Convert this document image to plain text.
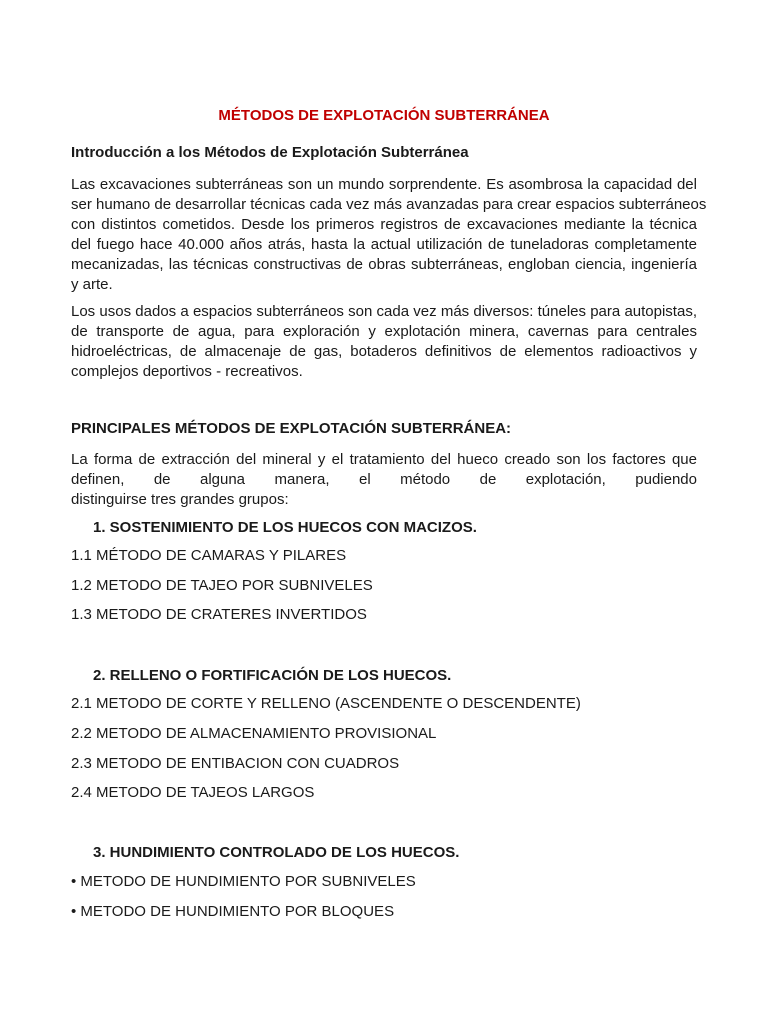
MÉTODOS DE EXPLOTACIÓN SUBTERRÁNEA

Introducción a los Métodos de Explotación Subterránea

Las excavaciones subterráneas son un mundo sorprendente. Es asombrosa la capacidad del
ser humano de desarrollar técnicas cada vez más avanzadas para crear espacios subterráneos
con distintos cometidos. Desde los primeros registros de excavaciones mediante la técnica
del fuego hace 40.000 años atrás, hasta la actual utilización de tuneladoras completamente
mecanizadas, las técnicas constructivas de obras subterráneas, engloban ciencia, ingeniería
y arte.
Los usos dados a espacios subterráneos son cada vez más diversos: túneles para autopistas,
de transporte de agua, para exploración y explotación minera, cavernas para centrales
hidroeléctricas, de almacenaje de gas, botaderos definitivos de elementos radioactivos y
complejos deportivos - recreativos.

PRINCIPALES MÉTODOS DE EXPLOTACIÓN SUBTERRÁNEA:

La forma de extracción del mineral y el tratamiento del hueco creado son los factores que
definen, de alguna manera, el método de explotación, pudiendo
distinguirse tres grandes grupos:

1. SOSTENIMIENTO DE LOS HUECOS CON MACIZOS.

1.1 MÉTODO DE CAMARAS Y PILARES

1.2 METODO DE TAJEO POR SUBNIVELES

1.3 METODO DE CRATERES INVERTIDOS

2. RELLENO O FORTIFICACIÓN DE LOS HUECOS.

2.1 METODO DE CORTE Y RELLENO (ASCENDENTE O DESCENDENTE)

2.2 METODO DE ALMACENAMIENTO PROVISIONAL

2.3 METODO DE ENTIBACION CON CUADROS

2.4 METODO DE TAJEOS LARGOS

3. HUNDIMIENTO CONTROLADO DE LOS HUECOS.

• METODO DE HUNDIMIENTO POR SUBNIVELES

• METODO DE HUNDIMIENTO POR BLOQUES
